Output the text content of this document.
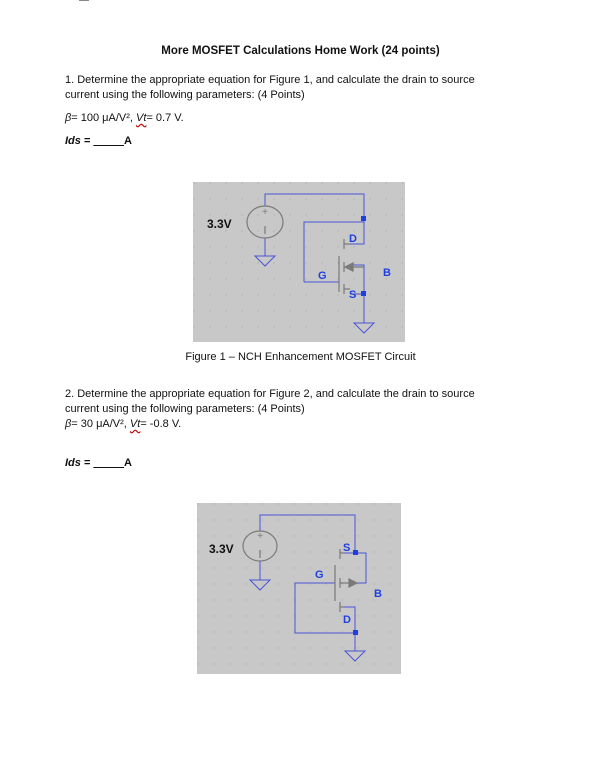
More MOSFET Calculations Home Work (24 points)
1. Determine the appropriate equation for Figure 1, and calculate the drain to source
current using the following parameters: (4 Points)
β= 100 μA/V², Vt= 0.7 V.
Ids = _____A
+
3.3V
D
G
S
B
Figure 1 – NCH Enhancement MOSFET Circuit
2. Determine the appropriate equation for Figure 2, and calculate the drain to source
current using the following parameters: (4 Points)
β= 30 μA/V², Vt= -0.8 V.
Ids = _____A
+
3.3V	S
G
D
B
